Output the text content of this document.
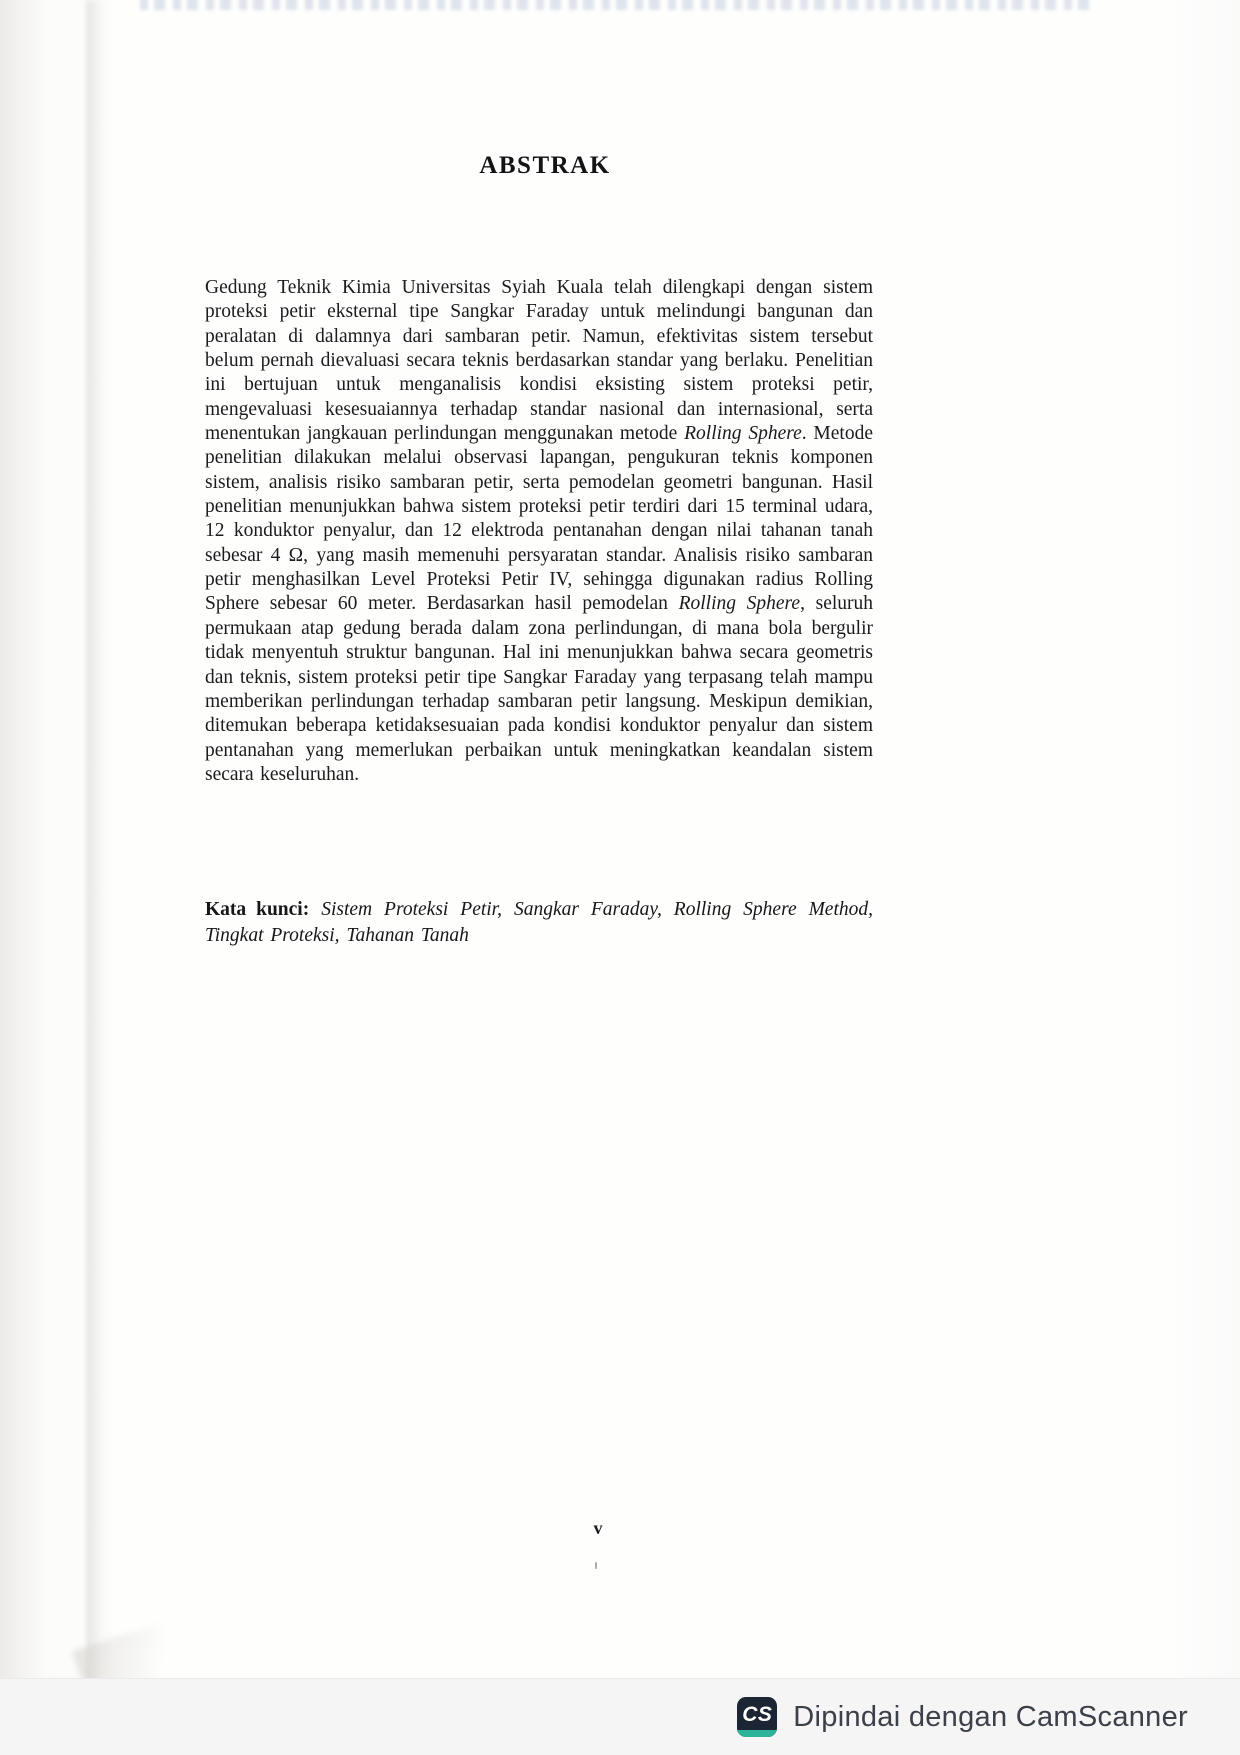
ABSTRAK

Gedung Teknik Kimia Universitas Syiah Kuala telah dilengkapi dengan sistem proteksi petir eksternal tipe Sangkar Faraday untuk melindungi bangunan dan peralatan di dalamnya dari sambaran petir. Namun, efektivitas sistem tersebut belum pernah dievaluasi secara teknis berdasarkan standar yang berlaku. Penelitian ini bertujuan untuk menganalisis kondisi eksisting sistem proteksi petir, mengevaluasi kesesuaiannya terhadap standar nasional dan internasional, serta menentukan jangkauan perlindungan menggunakan metode Rolling Sphere. Metode penelitian dilakukan melalui observasi lapangan, pengukuran teknis komponen sistem, analisis risiko sambaran petir, serta pemodelan geometri bangunan. Hasil penelitian menunjukkan bahwa sistem proteksi petir terdiri dari 15 terminal udara, 12 konduktor penyalur, dan 12 elektroda pentanahan dengan nilai tahanan tanah sebesar 4 Ω, yang masih memenuhi persyaratan standar. Analisis risiko sambaran petir menghasilkan Level Proteksi Petir IV, sehingga digunakan radius Rolling Sphere sebesar 60 meter. Berdasarkan hasil pemodelan Rolling Sphere, seluruh permukaan atap gedung berada dalam zona perlindungan, di mana bola bergulir tidak menyentuh struktur bangunan. Hal ini menunjukkan bahwa secara geometris dan teknis, sistem proteksi petir tipe Sangkar Faraday yang terpasang telah mampu memberikan perlindungan terhadap sambaran petir langsung. Meskipun demikian, ditemukan beberapa ketidaksesuaian pada kondisi konduktor penyalur dan sistem pentanahan yang memerlukan perbaikan untuk meningkatkan keandalan sistem secara keseluruhan.

Kata kunci: Sistem Proteksi Petir, Sangkar Faraday, Rolling Sphere Method, Tingkat Proteksi, Tahanan Tanah

v
CS Dipindai dengan CamScanner
